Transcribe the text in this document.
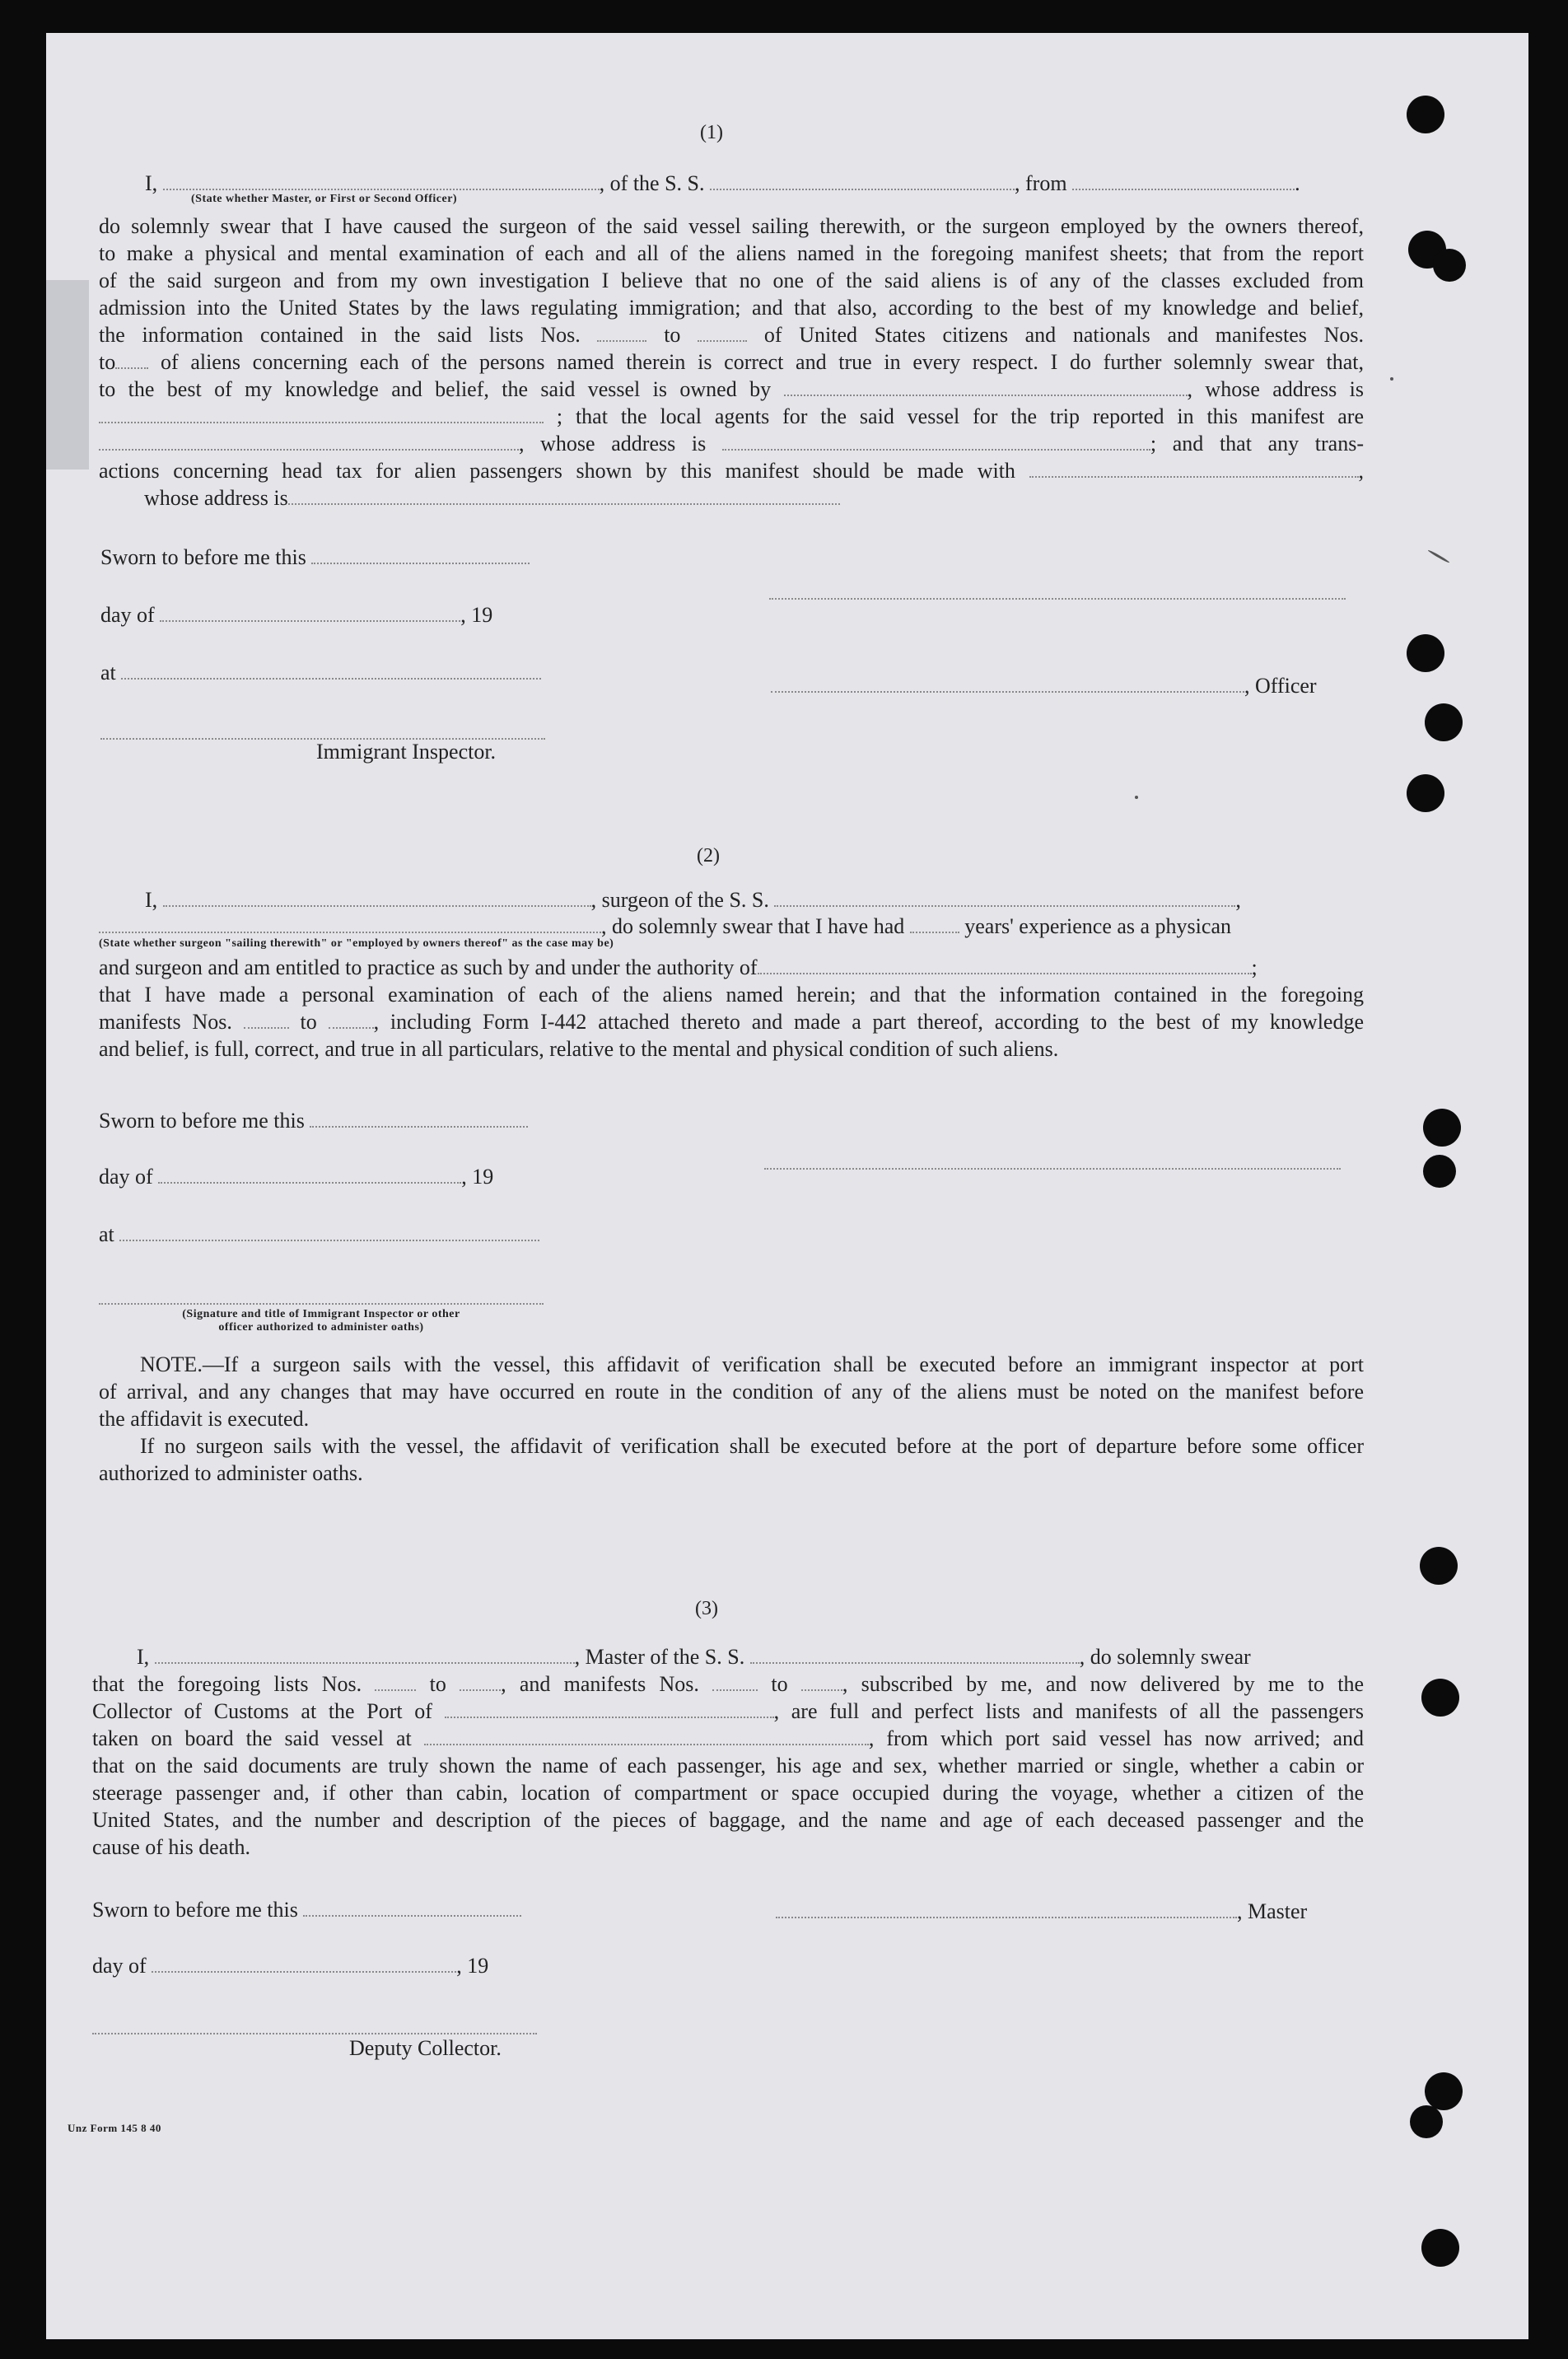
(1)
I,	, of the S. S.	, from	.
(State whether Master, or First or Second Officer)
do solemnly swear that I have caused the surgeon of the said vessel sailing therewith, or the surgeon employed by the owners thereof,
to make a physical and mental examination of each and all of the aliens named in the foregoing manifest sheets; that from the report
of the said surgeon and from my own investigation I believe that no one of the said aliens is of any of the classes excluded from
admission into the United States by the laws regulating immigration; and that also, according to the best of my knowledge and belief,
the information contained in the said lists Nos.	to	of United States citizens and nationals and manifestes Nos.
to of aliens concerning each of the persons named therein is correct and true in every respect. I do further solemnly swear that,
to the best of my knowledge and belief, the said vessel is owned by	, whose address is
; that the local agents for the said vessel for the trip reported in this manifest are
, whose address is	; and that any trans-
actions concerning head tax for alien passengers shown by this manifest should be made with	,
whose address is
Sworn to before me this
day of	, 19
at
, Officer
Immigrant Inspector.
(2)
I,	, surgeon of the S. S.	,
, do solemnly swear that I have had	years' experience as a physican
(State whether surgeon "sailing therewith" or "employed by owners thereof" as the case may be)
and surgeon and am entitled to practice as such by and under the authority of	;
that I have made a personal examination of each of the aliens named herein; and that the information contained in the foregoing
manifests Nos.	to	, including Form I-442 attached thereto and made a part thereof, according to the best of my knowledge
and belief, is full, correct, and true in all particulars, relative to the mental and physical condition of such aliens.
Sworn to before me this
day of	, 19
at
(Signature and title of Immigrant Inspector or other
officer authorized to administer oaths)
NOTE.—If a surgeon sails with the vessel, this affidavit of verification shall be executed before an immigrant inspector at port
of arrival, and any changes that may have occurred en route in the condition of any of the aliens must be noted on the manifest before
the affidavit is executed.
If no surgeon sails with the vessel, the affidavit of verification shall be executed before at the port of departure before some officer
authorized to administer oaths.
(3)
I,	, Master of the S. S.	, do solemnly swear
that the foregoing lists Nos.	to	, and manifests Nos.	to	, subscribed by me, and now delivered by me to the
Collector of Customs at the Port of	, are full and perfect lists and manifests of all the passengers
taken on board the said vessel at	, from which port said vessel has now arrived; and
that on the said documents are truly shown the name of each passenger, his age and sex, whether married or single, whether a cabin or
steerage passenger and, if other than cabin, location of compartment or space occupied during the voyage, whether a citizen of the
United States, and the number and description of the pieces of baggage, and the name and age of each deceased passenger and the
cause of his death.
Sworn to before me this	, Master
day of	, 19
Deputy Collector.
Unz Form 145 8 40
